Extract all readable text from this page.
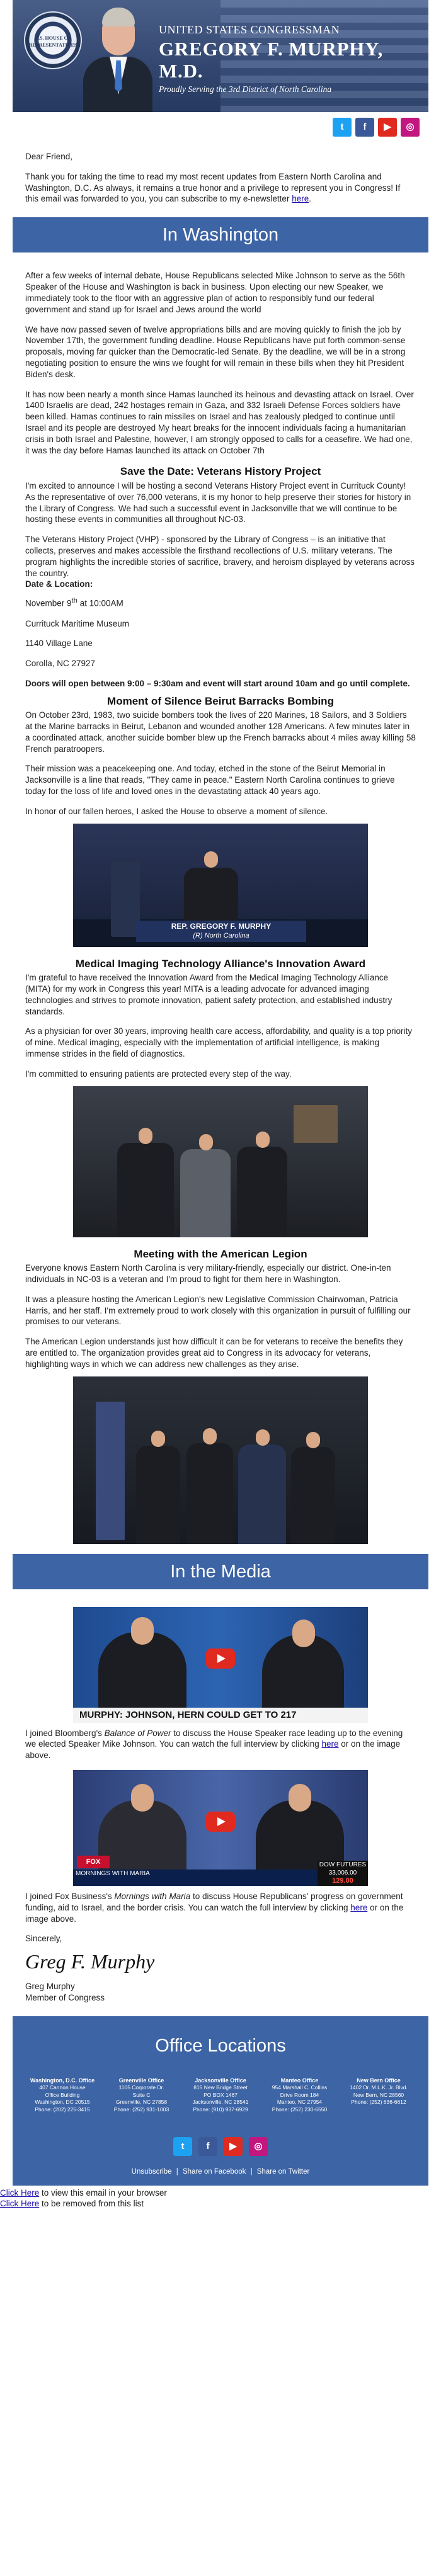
U.S. HOUSE OF REPRESENTATIVES
UNITED STATES CONGRESSMAN
GREGORY F. MURPHY, M.D.
Proudly Serving the 3rd District of North Carolina
t	f	▶	◎

Dear Friend,

Thank you for taking the time to read my most recent updates from Eastern North Carolina and Washington, D.C. As always, it remains a true honor and a privilege to represent you in Congress! If this email was forwarded to you, you can subscribe to my e-newsletter here.

In Washington

After a few weeks of internal debate, House Republicans selected Mike Johnson to serve as the 56th Speaker of the House and Washington is back in business. Upon electing our new Speaker, we immediately took to the floor with an aggressive plan of action to responsibly fund our federal government and stand up for Israel and Jews around the world

We have now passed seven of twelve appropriations bills and are moving quickly to finish the job by November 17th, the government funding deadline. House Republicans have put forth common-sense proposals, moving far quicker than the Democratic-led Senate. By the deadline, we will be in a strong negotiating position to ensure the wins we fought for will remain in these bills when they hit President Biden's desk.

It has now been nearly a month since Hamas launched its heinous and devasting attack on Israel. Over 1400 Israelis are dead, 242 hostages remain in Gaza, and 332 Israeli Defense Forces soldiers have been killed. Hamas continues to rain missiles on Israel and has zealously pledged to continue until Israel and its people are destroyed My heart breaks for the innocent individuals facing a humanitarian crisis in both Israel and Palestine, however, I am strongly opposed to calls for a ceasefire. We had one, it was the day before Hamas launched its attack on October 7th

Save the Date: Veterans History Project

I'm excited to announce I will be hosting a second Veterans History Project event in Currituck County! As the representative of over 76,000 veterans, it is my honor to help preserve their stories for history in the Library of Congress. We had such a successful event in Jacksonville that we will continue to be hosting these events in communities all throughout NC-03.

The Veterans History Project (VHP) - sponsored by the Library of Congress – is an initiative that collects, preserves and makes accessible the firsthand recollections of U.S. military veterans. The program highlights the incredible stories of sacrifice, bravery, and heroism displayed by veterans across the country.
Date & Location:

November 9th at 10:00AM

Currituck Maritime Museum

1140 Village Lane

Corolla, NC 27927

Doors will open between 9:00 – 9:30am and event will start around 10am and go until complete.

Moment of Silence Beirut Barracks Bombing

On October 23rd, 1983, two suicide bombers took the lives of 220 Marines, 18 Sailors, and 3 Soldiers at the Marine barracks in Beirut, Lebanon and wounded another 128 Americans. A few minutes later in a coordinated attack, another suicide bomber blew up the French barracks about 4 miles away killing 58 French paratroopers.

Their mission was a peacekeeping one. And today, etched in the stone of the Beirut Memorial in Jacksonville is a line that reads, "They came in peace." Eastern North Carolina continues to grieve today for the loss of life and loved ones in the devastating attack 40 years ago.

In honor of our fallen heroes, I asked the House to observe a moment of silence.

REP. GREGORY F. MURPHY
(R) North Carolina
Medical Imaging Technology Alliance's Innovation Award

I'm grateful to have received the Innovation Award from the Medical Imaging Technology Alliance (MITA) for my work in Congress this year! MITA is a leading advocate for advanced imaging technologies and strives to promote innovation, patient safety protection, and established industry standards.

As a physician for over 30 years, improving health care access, affordability, and quality is a top priority of mine. Medical imaging, especially with the implementation of artificial intelligence, is making immense strides in the field of diagnostics.

I'm committed to ensuring patients are protected every step of the way.

Meeting with the American Legion

Everyone knows Eastern North Carolina is very military-friendly, especially our district. One-in-ten individuals in NC-03 is a veteran and I'm proud to fight for them here in Washington.

It was a pleasure hosting the American Legion's new Legislative Commission Chairwoman, Patricia Harris, and her staff. I'm extremely proud to work closely with this organization in pursuit of fulfilling our promises to our veterans.

The American Legion understands just how difficult it can be for veterans to receive the benefits they are entitled to. The organization provides great aid to Congress in its advocacy for veterans, highlighting ways in which we can address new challenges as they arise.

In the Media
MURPHY: JOHNSON, HERN COULD GET TO 217

I joined Bloomberg's Balance of Power to discuss the House Speaker race leading up to the evening we elected Speaker Mike Johnson. You can watch the full interview by clicking here or on the image above.

FOX
MORNINGS WITH MARIA
DOW FUTURES
33,006.00
129.00

I joined Fox Business's Mornings with Maria to discuss House Republicans' progress on government funding, aid to Israel, and the border crisis. You can watch the full interview by clicking here or on the image above.

Sincerely,

Greg F. Murphy

Greg Murphy
Member of Congress

Office Locations
Washington, D.C. Office
407 Cannon House
Office Building
Washington, DC 20515
Phone: (202) 225-3415
Greenville Office
1105 Corporate Dr.
Suite C
Greenville, NC 27858
Phone: (252) 931-1003
Jacksonville Office
815 New Bridge Street
PO BOX 1467
Jacksonville, NC 28541
Phone: (910) 937-6929
Manteo Office
954 Marshall C. Collins
Drive Room 184
Manteo, NC 27954
Phone: (252) 230-6550
New Bern Office
1402 Dr. M.L.K. Jr. Blvd.
New Bern, NC 28560
Phone: (252) 636-6612
t	f	▶	◎
Unsubscribe | Share on Facebook | Share on Twitter
Click Here to view this email in your browser
Click Here to be removed from this list
